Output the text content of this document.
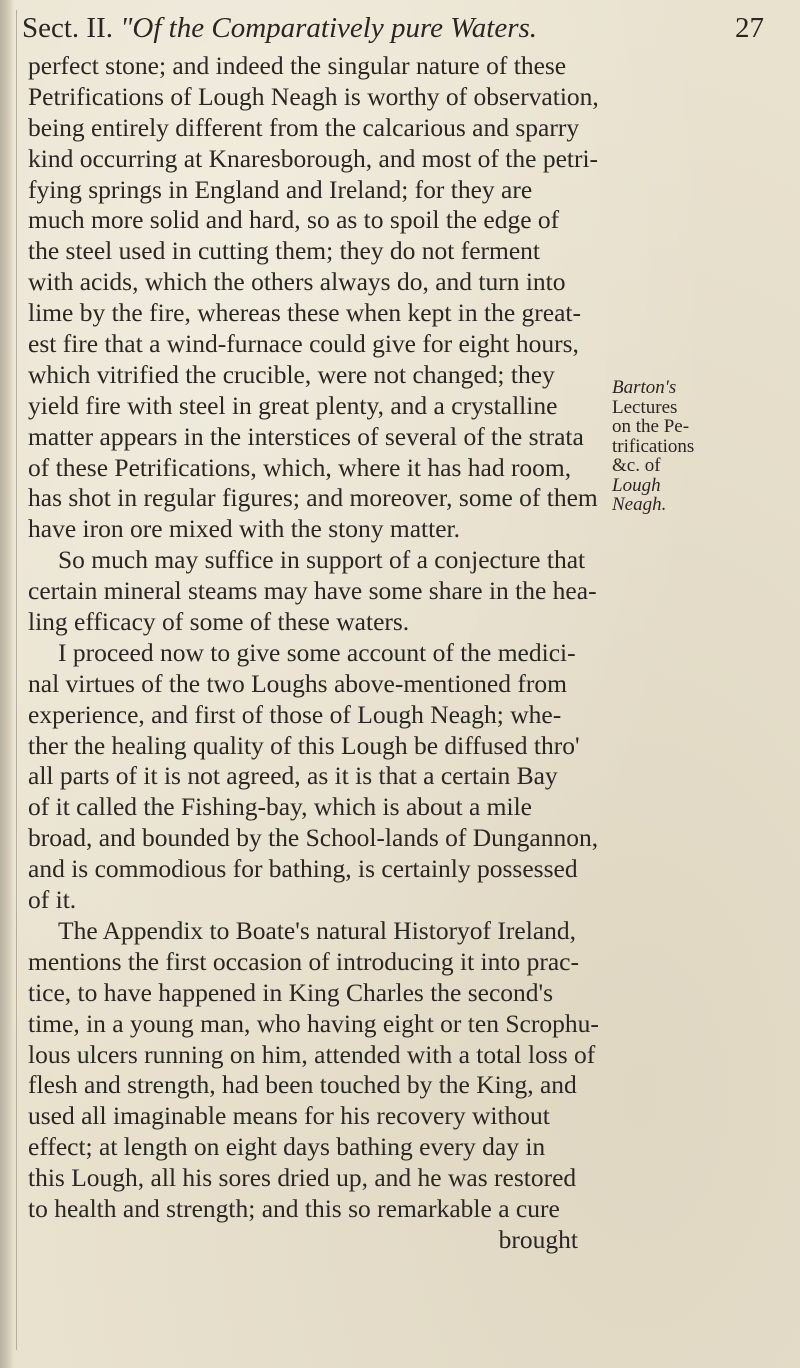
Sect. II. "Of the Comparatively pure Waters.	27
perfect stone; and indeed the singular nature of these
Petrifications of Lough Neagh is worthy of observation,
being entirely different from the calcarious and sparry
kind occurring at Knaresborough, and most of the petri-
fying springs in England and Ireland; for they are
much more solid and hard, so as to spoil the edge of
the steel used in cutting them; they do not ferment
with acids, which the others always do, and turn into
lime by the fire, whereas these when kept in the great-
est fire that a wind-furnace could give for eight hours,
which vitrified the crucible, were not changed; they
yield fire with steel in great plenty, and a crystalline
matter appears in the interstices of several of the strata
of these Petrifications, which, where it has had room,
has shot in regular figures; and moreover, some of them
have iron ore mixed with the stony matter.
So much may suffice in support of a conjecture that
certain mineral steams may have some share in the hea-
ling efficacy of some of these waters.
I proceed now to give some account of the medici-
nal virtues of the two Loughs above-mentioned from
experience, and first of those of Lough Neagh; whe-
ther the healing quality of this Lough be diffused thro'
all parts of it is not agreed, as it is that a certain Bay
of it called the Fishing-bay, which is about a mile
broad, and bounded by the School-lands of Dungannon,
and is commodious for bathing, is certainly possessed
of it.
The Appendix to Boate's natural Historyof Ireland,
mentions the first occasion of introducing it into prac-
tice, to have happened in King Charles the second's
time, in a young man, who having eight or ten Scrophu-
lous ulcers running on him, attended with a total loss of
flesh and strength, had been touched by the King, and
used all imaginable means for his recovery without
effect; at length on eight days bathing every day in
this Lough, all his sores dried up, and he was restored
to health and strength; and this so remarkable a cure
brought
Barton's
Lectures
on the Pe-
trifications
&c. of
Lough
Neagh.
